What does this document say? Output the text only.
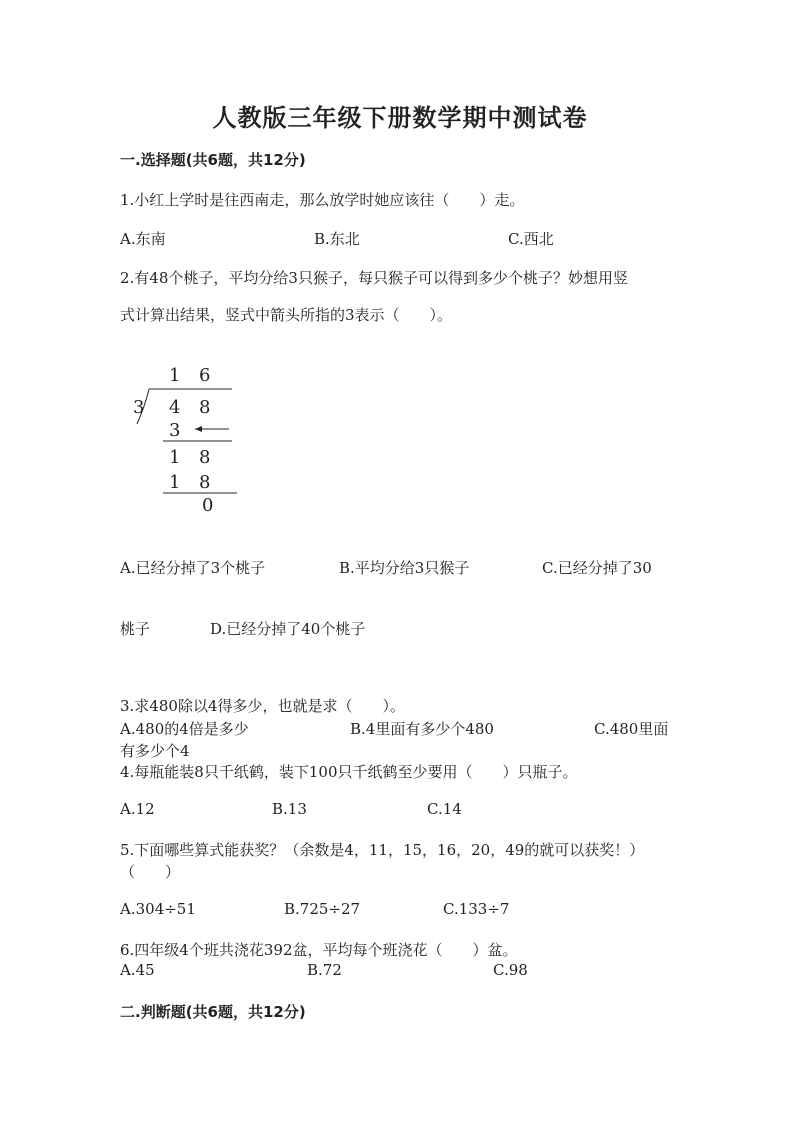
人教版三年级下册数学期中测试卷
一.选择题(共6题，共12分)
1.小红上学时是往西南走，那么放学时她应该往（　　）走。
A.东南	B.东北	C.西北
2.有48个桃子，平均分给3只猴子，每只猴子可以得到多少个桃子？妙想用竖
式计算出结果，竖式中箭头所指的3表示（　　）。
1 6
3 4 8
3
1 8
1 8
0
A.已经分掉了3个桃子	B.平均分给3只猴子	C.已经分掉了30
桃子	D.已经分掉了40个桃子
3.求480除以4得多少，也就是求（　　）。
A.480的4倍是多少	B.4里面有多少个480	C.480里面
有多少个4
4.每瓶能装8只千纸鹤，装下100只千纸鹤至少要用（　　）只瓶子。
A.12	B.13	C.14
5.下面哪些算式能获奖？（余数是4，11，15，16，20，49的就可以获奖！）
（　　）
A.304÷51	B.725÷27	C.133÷7
6.四年级4个班共浇花392盆，平均每个班浇花（　　）盆。
A.45	B.72	C.98
二.判断题(共6题，共12分)
